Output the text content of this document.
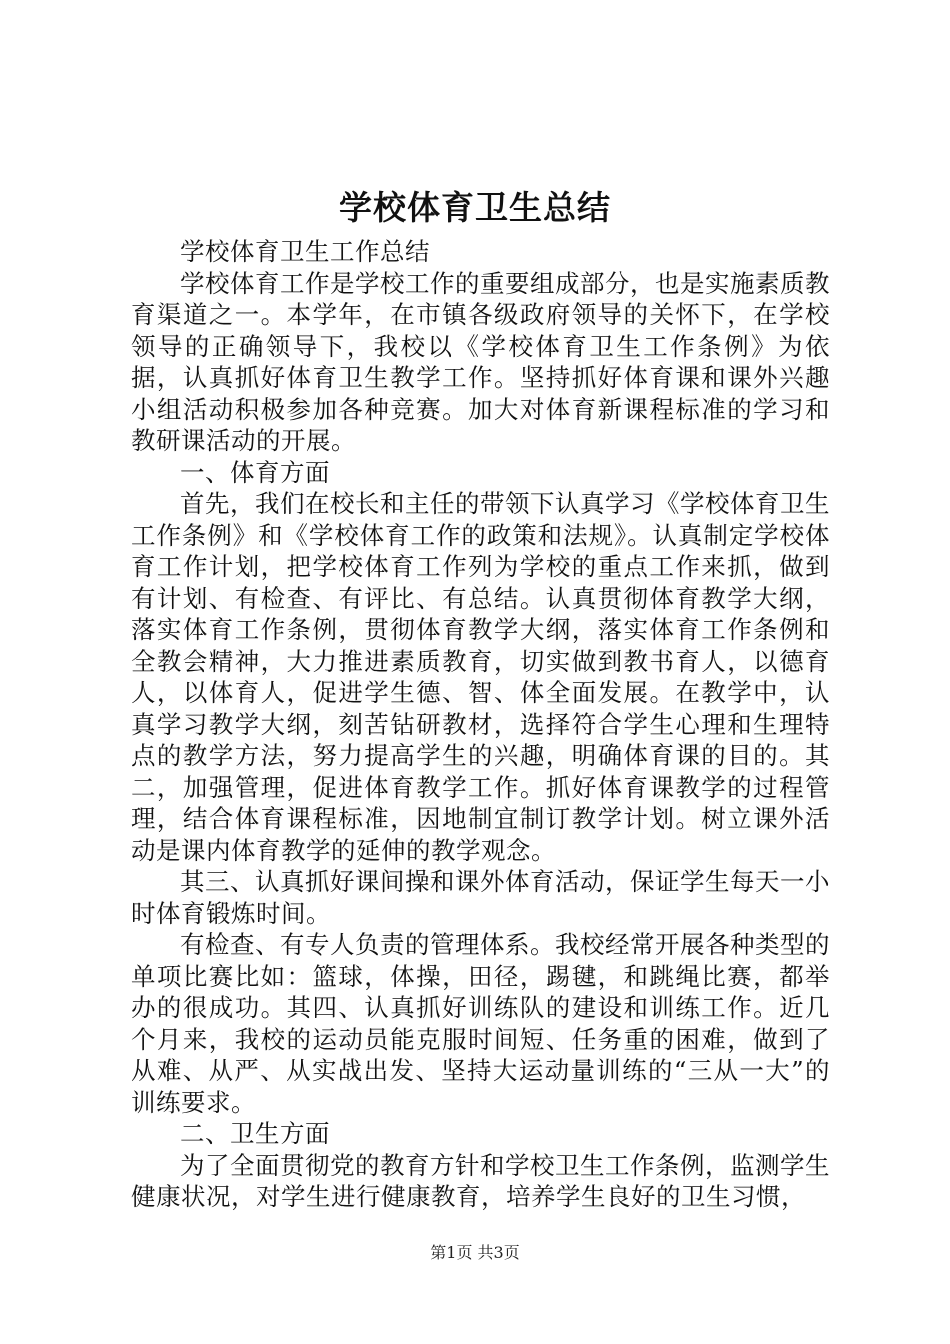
学校体育卫生总结

学校体育卫生工作总结

学校体育工作是学校工作的重要组成部分，也是实施素质教育渠道之一。本学年，在市镇各级政府领导的关怀下，在学校领导的正确领导下，我校以《学校体育卫生工作条例》为依据，认真抓好体育卫生教学工作。坚持抓好体育课和课外兴趣小组活动积极参加各种竞赛。加大对体育新课程标准的学习和教研课活动的开展。

一、体育方面

首先，我们在校长和主任的带领下认真学习《学校体育卫生工作条例》和《学校体育工作的政策和法规》。认真制定学校体育工作计划，把学校体育工作列为学校的重点工作来抓，做到有计划、有检查、有评比、有总结。认真贯彻体育教学大纲，落实体育工作条例，贯彻体育教学大纲，落实体育工作条例和全教会精神，大力推进素质教育，切实做到教书育人，以德育人，以体育人，促进学生德、智、体全面发展。在教学中，认真学习教学大纲，刻苦钻研教材，选择符合学生心理和生理特点的教学方法，努力提高学生的兴趣，明确体育课的目的。其二，加强管理，促进体育教学工作。抓好体育课教学的过程管理，结合体育课程标准，因地制宜制订教学计划。树立课外活动是课内体育教学的延伸的教学观念。

其三、认真抓好课间操和课外体育活动，保证学生每天一小时体育锻炼时间。

有检查、有专人负责的管理体系。我校经常开展各种类型的单项比赛比如：篮球，体操，田径，踢毽，和跳绳比赛，都举办的很成功。其四、认真抓好训练队的建设和训练工作。近几个月来，我校的运动员能克服时间短、任务重的困难，做到了从难、从严、从实战出发、坚持大运动量训练的“三从一大”的训练要求。

二、卫生方面

为了全面贯彻党的教育方针和学校卫生工作条例，监测学生健康状况，对学生进行健康教育，培养学生良好的卫生习惯，

第1页 共3页
